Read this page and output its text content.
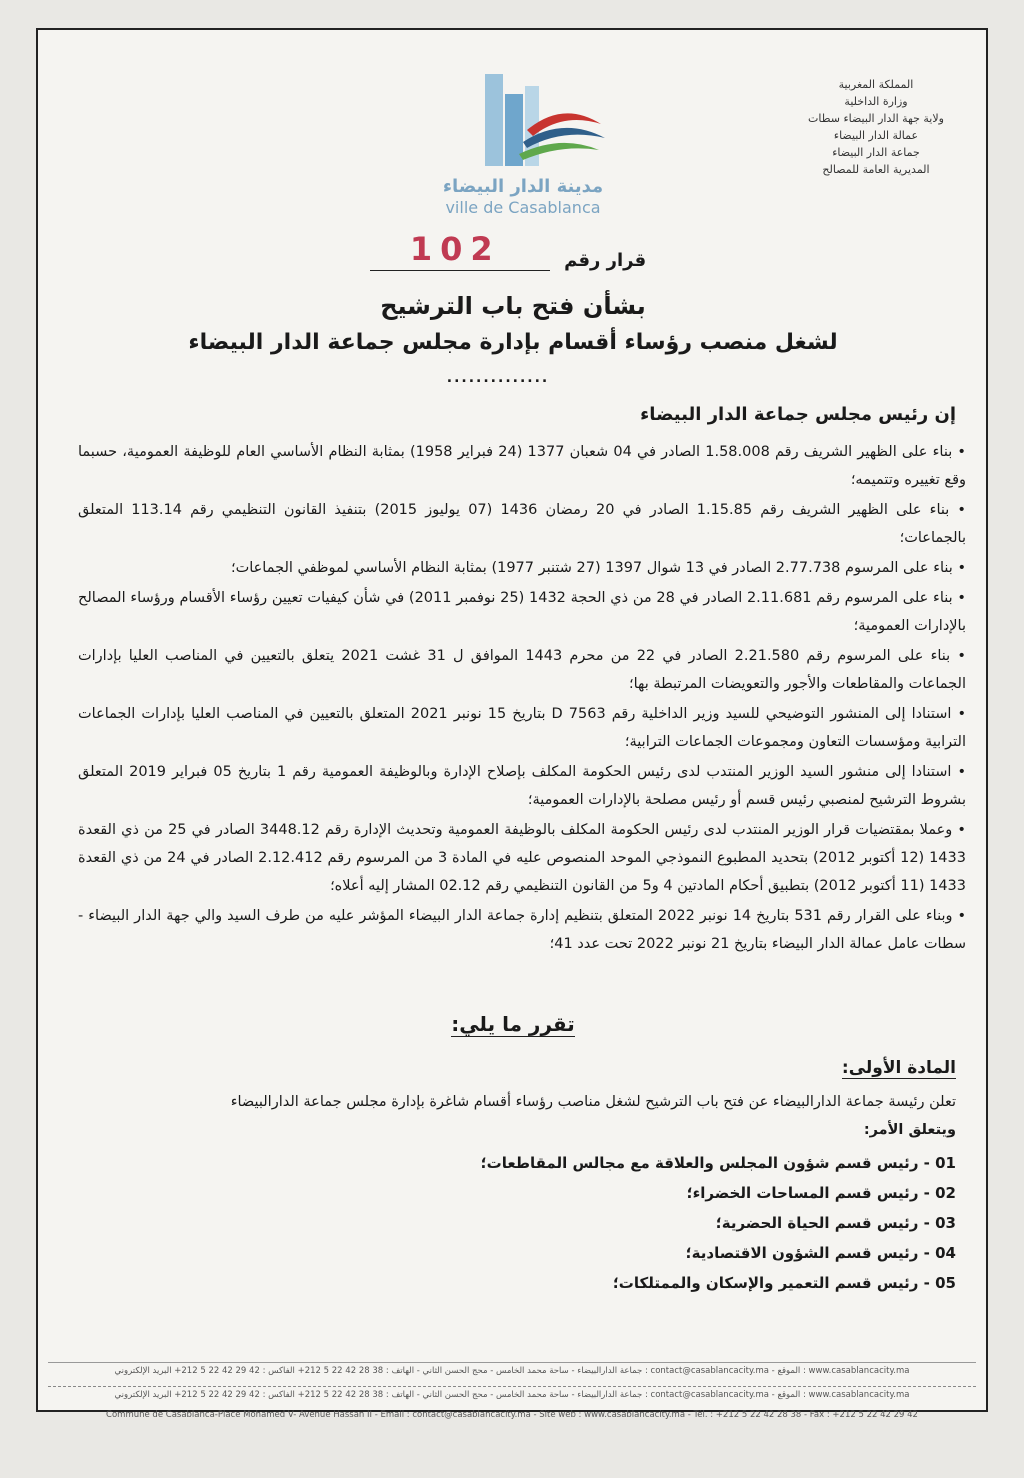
المملكة المغربية
وزارة الداخلية
ولاية جهة الدار البيضاء سطات
عمالة الدار البيضاء
جماعة الدار البيضاء
المديرية العامة للمصالح
مدينة الدار البيضاء
ville de Casablanca
قرار رقم
102
بشأن فتح باب الترشيح
لشغل منصب رؤساء أقسام بإدارة مجلس جماعة الدار البيضاء
..............
إن رئيس مجلس جماعة الدار البيضاء

• بناء على الظهير الشريف رقم 1.58.008 الصادر في 04 شعبان 1377 (24 فبراير 1958) بمثابة النظام الأساسي العام للوظيفة العمومية، حسبما وقع تغييره وتتميمه؛

• بناء على الظهير الشريف رقم 1.15.85 الصادر في 20 رمضان 1436 (07 يوليوز 2015) بتنفيذ القانون التنظيمي رقم 113.14 المتعلق بالجماعات؛

• بناء على المرسوم 2.77.738 الصادر في 13 شوال 1397 (27 شتنبر 1977) بمثابة النظام الأساسي لموظفي الجماعات؛

• بناء على المرسوم رقم 2.11.681 الصادر في 28 من ذي الحجة 1432 (25 نوفمبر 2011) في شأن كيفيات تعيين رؤساء الأقسام ورؤساء المصالح بالإدارات العمومية؛

• بناء على المرسوم رقم 2.21.580 الصادر في 22 من محرم 1443 الموافق ل 31 غشت 2021 يتعلق بالتعيين في المناصب العليا بإدارات الجماعات والمقاطعات والأجور والتعويضات المرتبطة بها؛

• استنادا إلى المنشور التوضيحي للسيد وزير الداخلية رقم D 7563 بتاريخ 15 نونبر 2021 المتعلق بالتعيين في المناصب العليا بإدارات الجماعات الترابية ومؤسسات التعاون ومجموعات الجماعات الترابية؛

• استنادا إلى منشور السيد الوزير المنتدب لدى رئيس الحكومة المكلف بإصلاح الإدارة وبالوظيفة العمومية رقم 1 بتاريخ 05 فبراير 2019 المتعلق بشروط الترشيح لمنصبي رئيس قسم أو رئيس مصلحة بالإدارات العمومية؛

• وعملا بمقتضيات قرار الوزير المنتدب لدى رئيس الحكومة المكلف بالوظيفة العمومية وتحديث الإدارة رقم 3448.12 الصادر في 25 من ذي القعدة 1433 (12 أكتوبر 2012) بتحديد المطبوع النموذجي الموحد المنصوص عليه في المادة 3 من المرسوم رقم 2.12.412 الصادر في 24 من ذي القعدة 1433 (11 أكتوبر 2012) بتطبيق أحكام المادتين 4 و5 من القانون التنظيمي رقم 02.12 المشار إليه أعلاه؛

• وبناء على القرار رقم 531 بتاريخ 14 نونبر 2022 المتعلق بتنظيم إدارة جماعة الدار البيضاء المؤشر عليه من طرف السيد والي جهة الدار البيضاء - سطات عامل عمالة الدار البيضاء بتاريخ 21 نونبر 2022 تحت عدد 41؛

تقرر ما يلي:
المادة الأولى:

تعلن رئيسة جماعة الدارالبيضاء عن فتح باب الترشيح لشغل مناصب رؤساء أقسام شاغرة بإدارة مجلس جماعة الدارالبيضاء

ويتعلق الأمر:

01 - رئيس قسم شؤون المجلس والعلاقة مع مجالس المقاطعات؛
02 - رئيس قسم المساحات الخضراء؛
03 - رئيس قسم الحياة الحضرية؛
04 - رئيس قسم الشؤون الاقتصادية؛
05 - رئيس قسم التعمير والإسكان والممتلكات؛
جماعة الدارالبيضاء - ساحة محمد الخامس - محج الحسن الثاني - الهاتف : 38 28 42 22 5 212+ الفاكس : 42 29 42 22 5 212+ البريد الإلكتروني : contact@casablancacity.ma - الموقع : www.casablancacity.ma
جماعة الدارالبيضاء - ساحة محمد الخامس - محج الحسن الثاني - الهاتف : 38 28 42 22 5 212+ الفاكس : 42 29 42 22 5 212+ البريد الإلكتروني : contact@casablancacity.ma - الموقع : www.casablancacity.ma
Commune de Casablanca-Place Mohamed V- Avenue Hassan II - Email : contact@casablancacity.ma - Site web : www.casablancacity.ma - Tél. : +212 5 22 42 28 38 - Fax : +212 5 22 42 29 42
